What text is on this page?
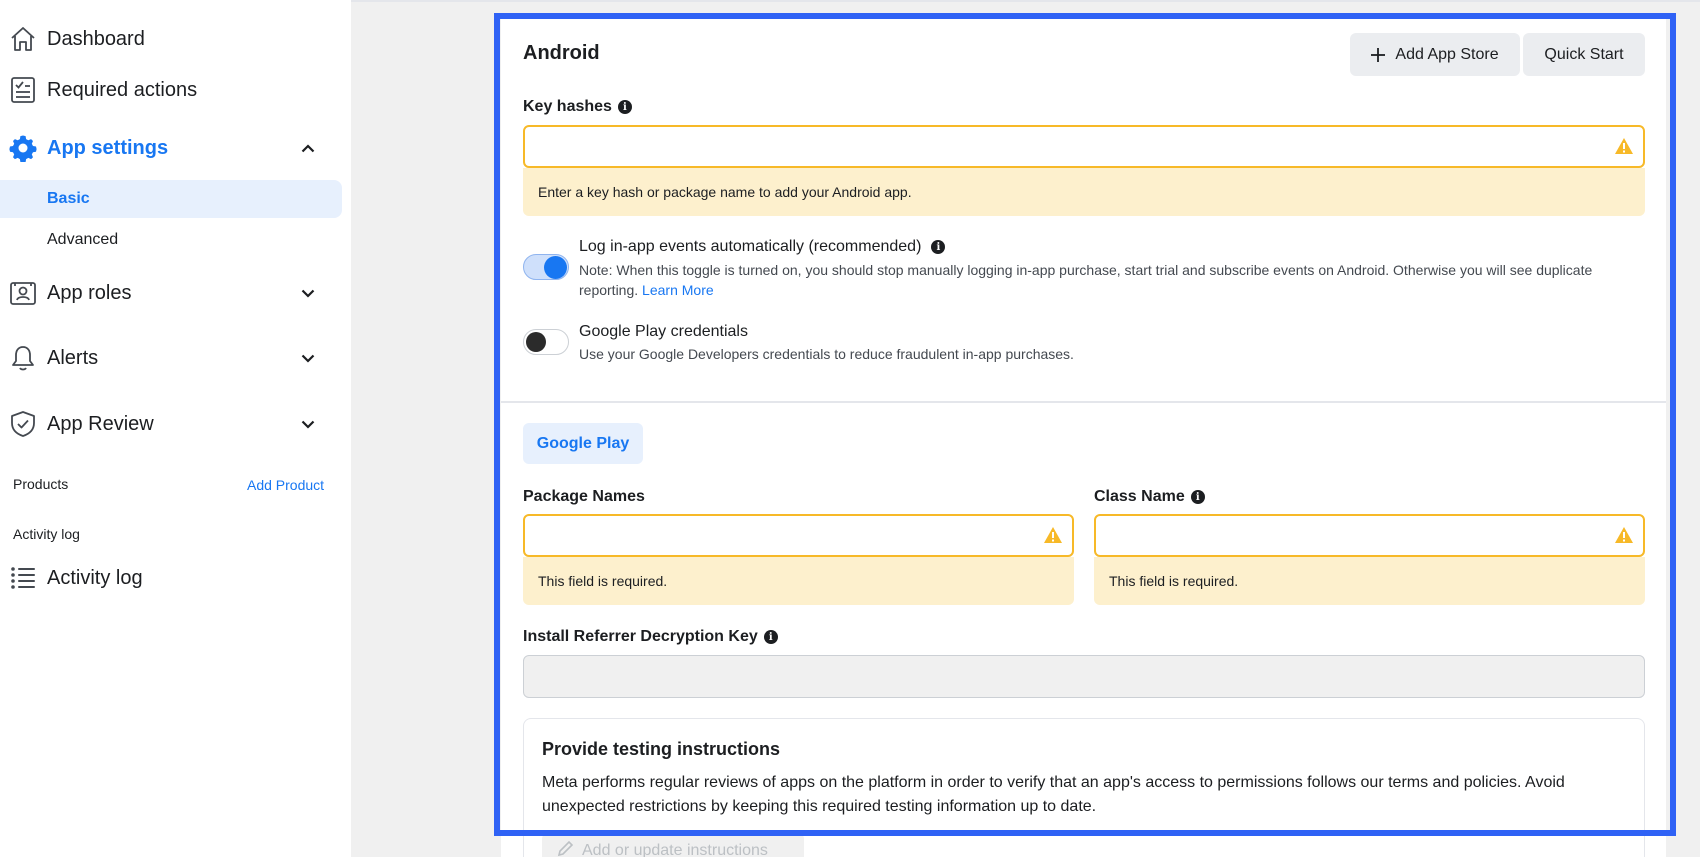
Dashboard
Required actions
App settings
Basic
Advanced
App roles
Alerts
App Review
Products	Add Product
Activity log
Activity log
Android	Add App Store	Quick Start
Key hashes	i
Enter a key hash or package name to add your Android app.
Log in-app events automatically (recommended)	i
Note: When this toggle is turned on, you should stop manually logging in-app purchase, start trial and subscribe events on Android. Otherwise you will see duplicate reporting. Learn More
Google Play credentials
Use your Google Developers credentials to reduce fraudulent in-app purchases.
Google Play
Package Names
This field is required.
Class Name	i
This field is required.
Install Referrer Decryption Key	i
Provide testing instructions
Meta performs regular reviews of apps on the platform in order to verify that an app's access to permissions follows our terms and policies. Avoid unexpected restrictions by keeping this required testing information up to date.
Add or update instructions
